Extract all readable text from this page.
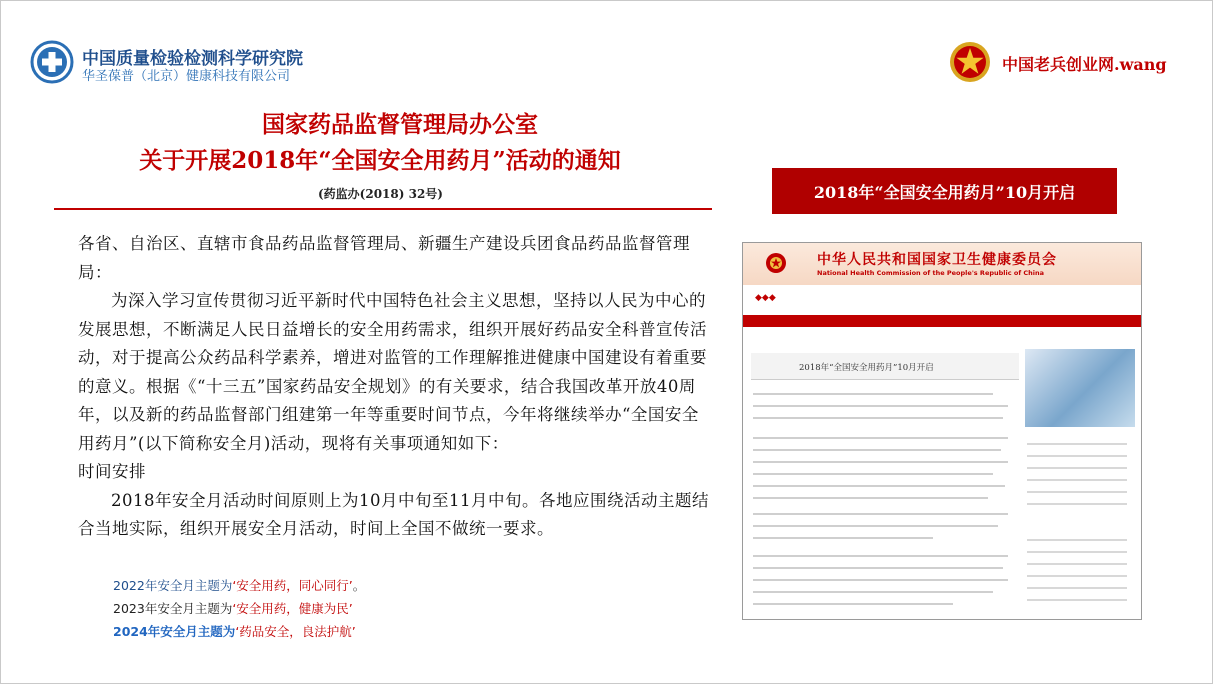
中国质量检验检测科学研究院
华圣葆普（北京）健康科技有限公司
中国老兵创业网.wang
国家药品监督管理局办公室
关于开展2018年“全国安全用药月”活动的通知
(药监办(2018) 32号)

各省、自治区、直辖市食品药品监督管理局、新疆生产建设兵团食品药品监督管理局：

为深入学习宣传贯彻习近平新时代中国特色社会主义思想，坚持以人民为中心的发展思想，不断满足人民日益增长的安全用药需求，组织开展好药品安全科普宣传活动，对于提高公众药品科学素养，增进对监管的工作理解推进健康中国建设有着重要的意义。根据《“十三五”国家药品安全规划》的有关要求，结合我国改革开放40周年，以及新的药品监督部门组建第一年等重要时间节点，今年将继续举办“全国安全用药月”(以下简称安全月)活动，现将有关事项通知如下：

时间安排

2018年安全月活动时间原则上为10月中旬至11月中旬。各地应围绕活动主题结合当地实际，组织开展安全月活动，时间上全国不做统一要求。

2022年安全月主题为‘安全用药，同心同行’。
2023年安全月主题为‘安全用药，健康为民’
2024年安全月主题为‘药品安全，良法护航’
2018年“全国安全用药月”10月开启
中华人民共和国国家卫生健康委员会
National Health Commission of the People's Republic of China
◆◆◆
2018年“全国安全用药月”10月开启
